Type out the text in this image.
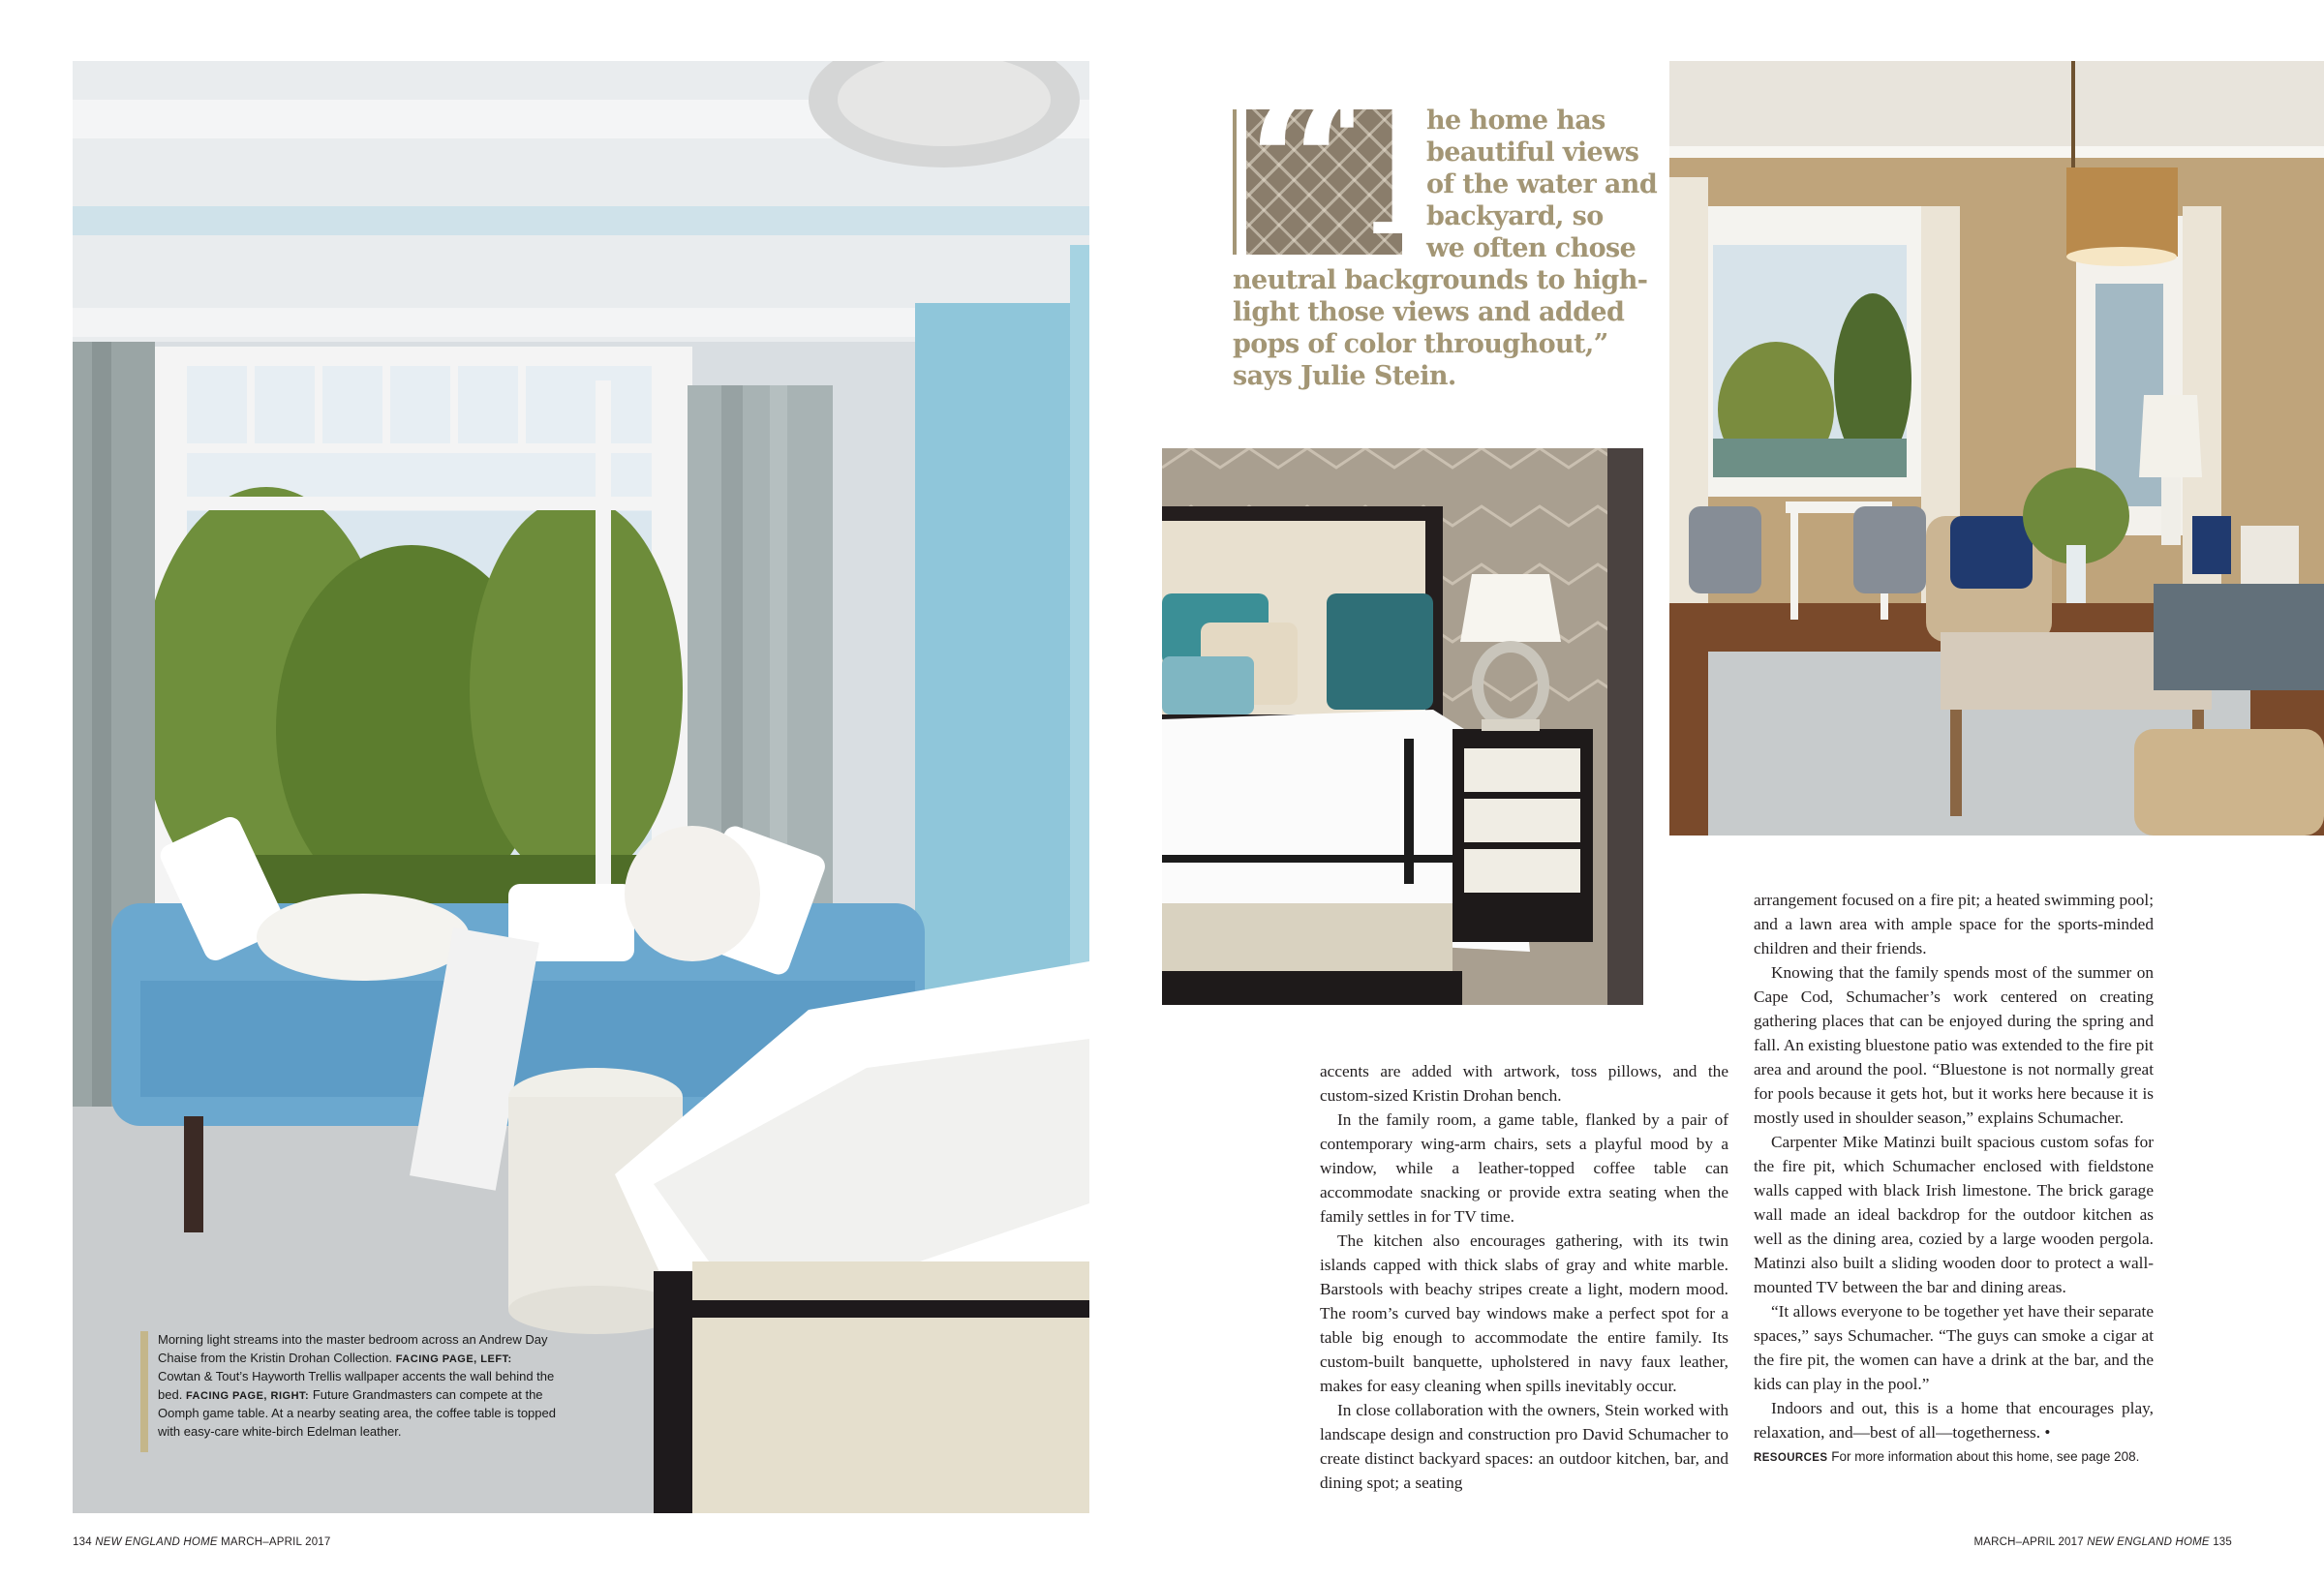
Morning light streams into the master bedroom across an Andrew Day Chaise from the Kristin Drohan Collection. FACING PAGE, LEFT: Cowtan & Tout’s Hayworth Trellis wallpaper accents the wall behind the bed. FACING PAGE, RIGHT: Future Grandmasters can compete at the Oomph game table. At a nearby seating area, the coffee table is topped with easy-care white-birch Edelman leather.
“T
he home has
beautiful views
of the water and
backyard, so
we often chose
neutral backgrounds to high-
light those views and added
pops of color throughout,”
says Julie Stein.

accents are added with artwork, toss pillows, and the custom-sized Kristin Drohan bench.

In the family room, a game table, flanked by a pair of contemporary wing-arm chairs, sets a playful mood by a window, while a leather-topped coffee table can accommodate snacking or provide extra seating when the family settles in for TV time.

The kitchen also encourages gathering, with its twin islands capped with thick slabs of gray and white marble. Barstools with beachy stripes create a light, modern mood. The room’s curved bay windows make a perfect spot for a table big enough to accommodate the entire family. Its custom-built banquette, upholstered in navy faux leather, makes for easy cleaning when spills inevitably occur.

In close collaboration with the owners, Stein worked with landscape design and construction pro David Schumacher to create distinct backyard spaces: an outdoor kitchen, bar, and dining spot; a seating

arrangement focused on a fire pit; a heated swimming pool; and a lawn area with ample space for the sports-minded children and their friends.

Knowing that the family spends most of the summer on Cape Cod, Schumacher’s work centered on creating gathering places that can be enjoyed during the spring and fall. An existing bluestone patio was extended to the fire pit area and around the pool. “Bluestone is not normally great for pools because it gets hot, but it works here because it is mostly used in shoulder season,” explains Schumacher.

Carpenter Mike Matinzi built spacious custom sofas for the fire pit, which Schumacher enclosed with fieldstone walls capped with black Irish limestone. The brick garage wall made an ideal backdrop for the outdoor kitchen as well as the dining area, cozied by a large wooden pergola. Matinzi also built a sliding wooden door to protect a wall-mounted TV between the bar and dining areas.

“It allows everyone to be together yet have their separate spaces,” says Schumacher. “The guys can smoke a cigar at the fire pit, the women can have a drink at the bar, and the kids can play in the pool.”

Indoors and out, this is a home that encourages play, relaxation, and—best of all—togetherness. •

RESOURCES For more information about this home, see page 208.

134 NEW ENGLAND HOME MARCH–APRIL 2017	MARCH–APRIL 2017 NEW ENGLAND HOME 135
